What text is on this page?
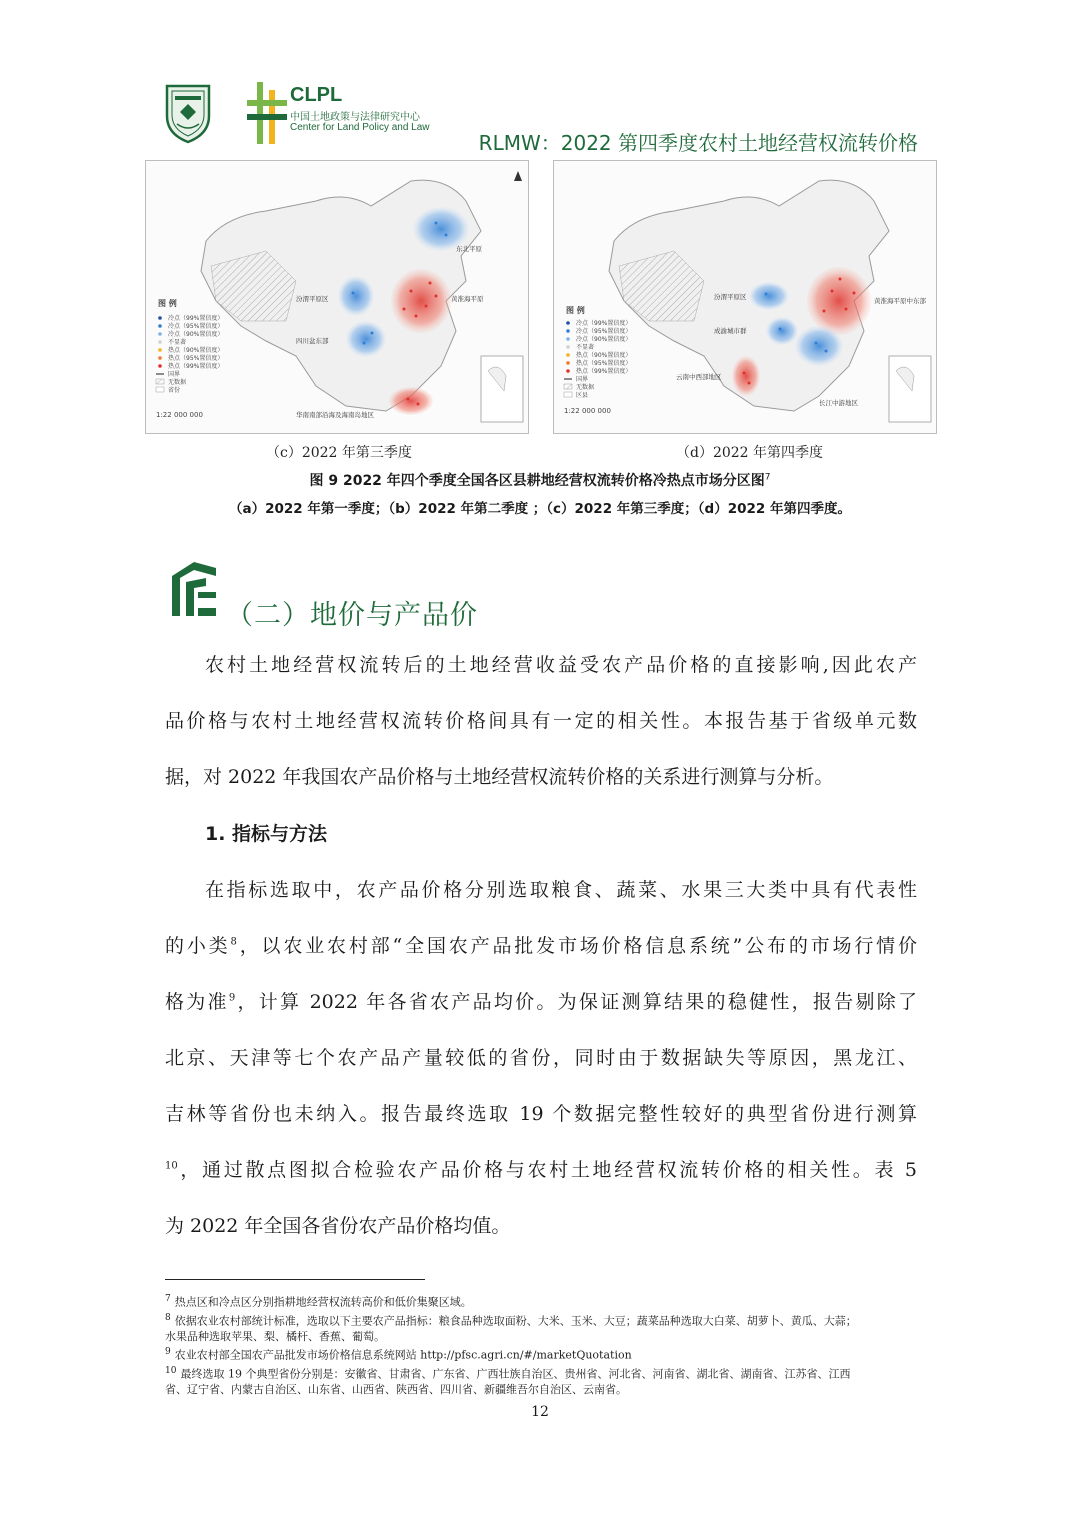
CLPL
中国土地政策与法律研究中心
Center for Land Policy and Law
RLMW：2022 第四季度农村土地经营权流转价格
图 例
冷点（99%置信度）
冷点（95%置信度）
冷点（90%置信度）
不显著
热点（90%置信度）
热点（95%置信度）
热点（99%置信度）
国界
无数据
省份
1:22 000 000
东北平原
汾渭平原区	黄淮海平原
四川盆东部
华南南部沿海及海南岛地区
图 例
冷点（99%置信度）
冷点（95%置信度）
冷点（90%置信度）
不显著
热点（90%置信度）
热点（95%置信度）
热点（99%置信度）
国界
无数据
区县
1:22 000 000
汾渭平原区	黄淮海平原中东部
成渝城市群
云南中西部地区
长江中游地区
（c）2022 年第三季度	（d）2022 年第四季度
图 9 2022 年四个季度全国各区县耕地经营权流转价格冷热点市场分区图$^7$
（a）2022 年第一季度；（b）2022 年第二季度 ；（c）2022 年第三季度；（d）2022 年第四季度。
（二）地价与产品价
农村土地经营权流转后的土地经营收益受农产品价格的直接影响,因此农产
品价格与农村土地经营权流转价格间具有一定的相关性。本报告基于省级单元数
据，对 2022 年我国农产品价格与土地经营权流转价格的关系进行测算与分析。
1. 指标与方法
在指标选取中，农产品价格分别选取粮食、蔬菜、水果三大类中具有代表性
的小类$^8$，以农业农村部“全国农产品批发市场价格信息系统”公布的市场行情价
格为准$^9$，计算 2022 年各省农产品均价。为保证测算结果的稳健性，报告剔除了
北京、天津等七个农产品产量较低的省份，同时由于数据缺失等原因，黑龙江、
吉林等省份也未纳入。报告最终选取 19 个数据完整性较好的典型省份进行测算
$^{10}$，通过散点图拟合检验农产品价格与农村土地经营权流转价格的相关性。表 5
为 2022 年全国各省份农产品价格均值。
$^7$ 热点区和冷点区分别指耕地经营权流转高价和低价集聚区域。
$^8$ 依据农业农村部统计标准，选取以下主要农产品指标：粮食品种选取面粉、大米、玉米、大豆；蔬菜品种选取大白菜、胡萝卜、黄瓜、大蒜；
水果品种选取苹果、梨、橘杆、香蕉、葡萄。
$^9$ 农业农村部全国农产品批发市场价格信息系统网站 http://pfsc.agri.cn/#/marketQuotation
$^{10}$ 最终选取 19 个典型省份分别是：安徽省、甘肃省、广东省、广西壮族自治区、贵州省、河北省、河南省、湖北省、湖南省、江苏省、江西
省、辽宁省、内蒙古自治区、山东省、山西省、陕西省、四川省、新疆维吾尔自治区、云南省。
12
